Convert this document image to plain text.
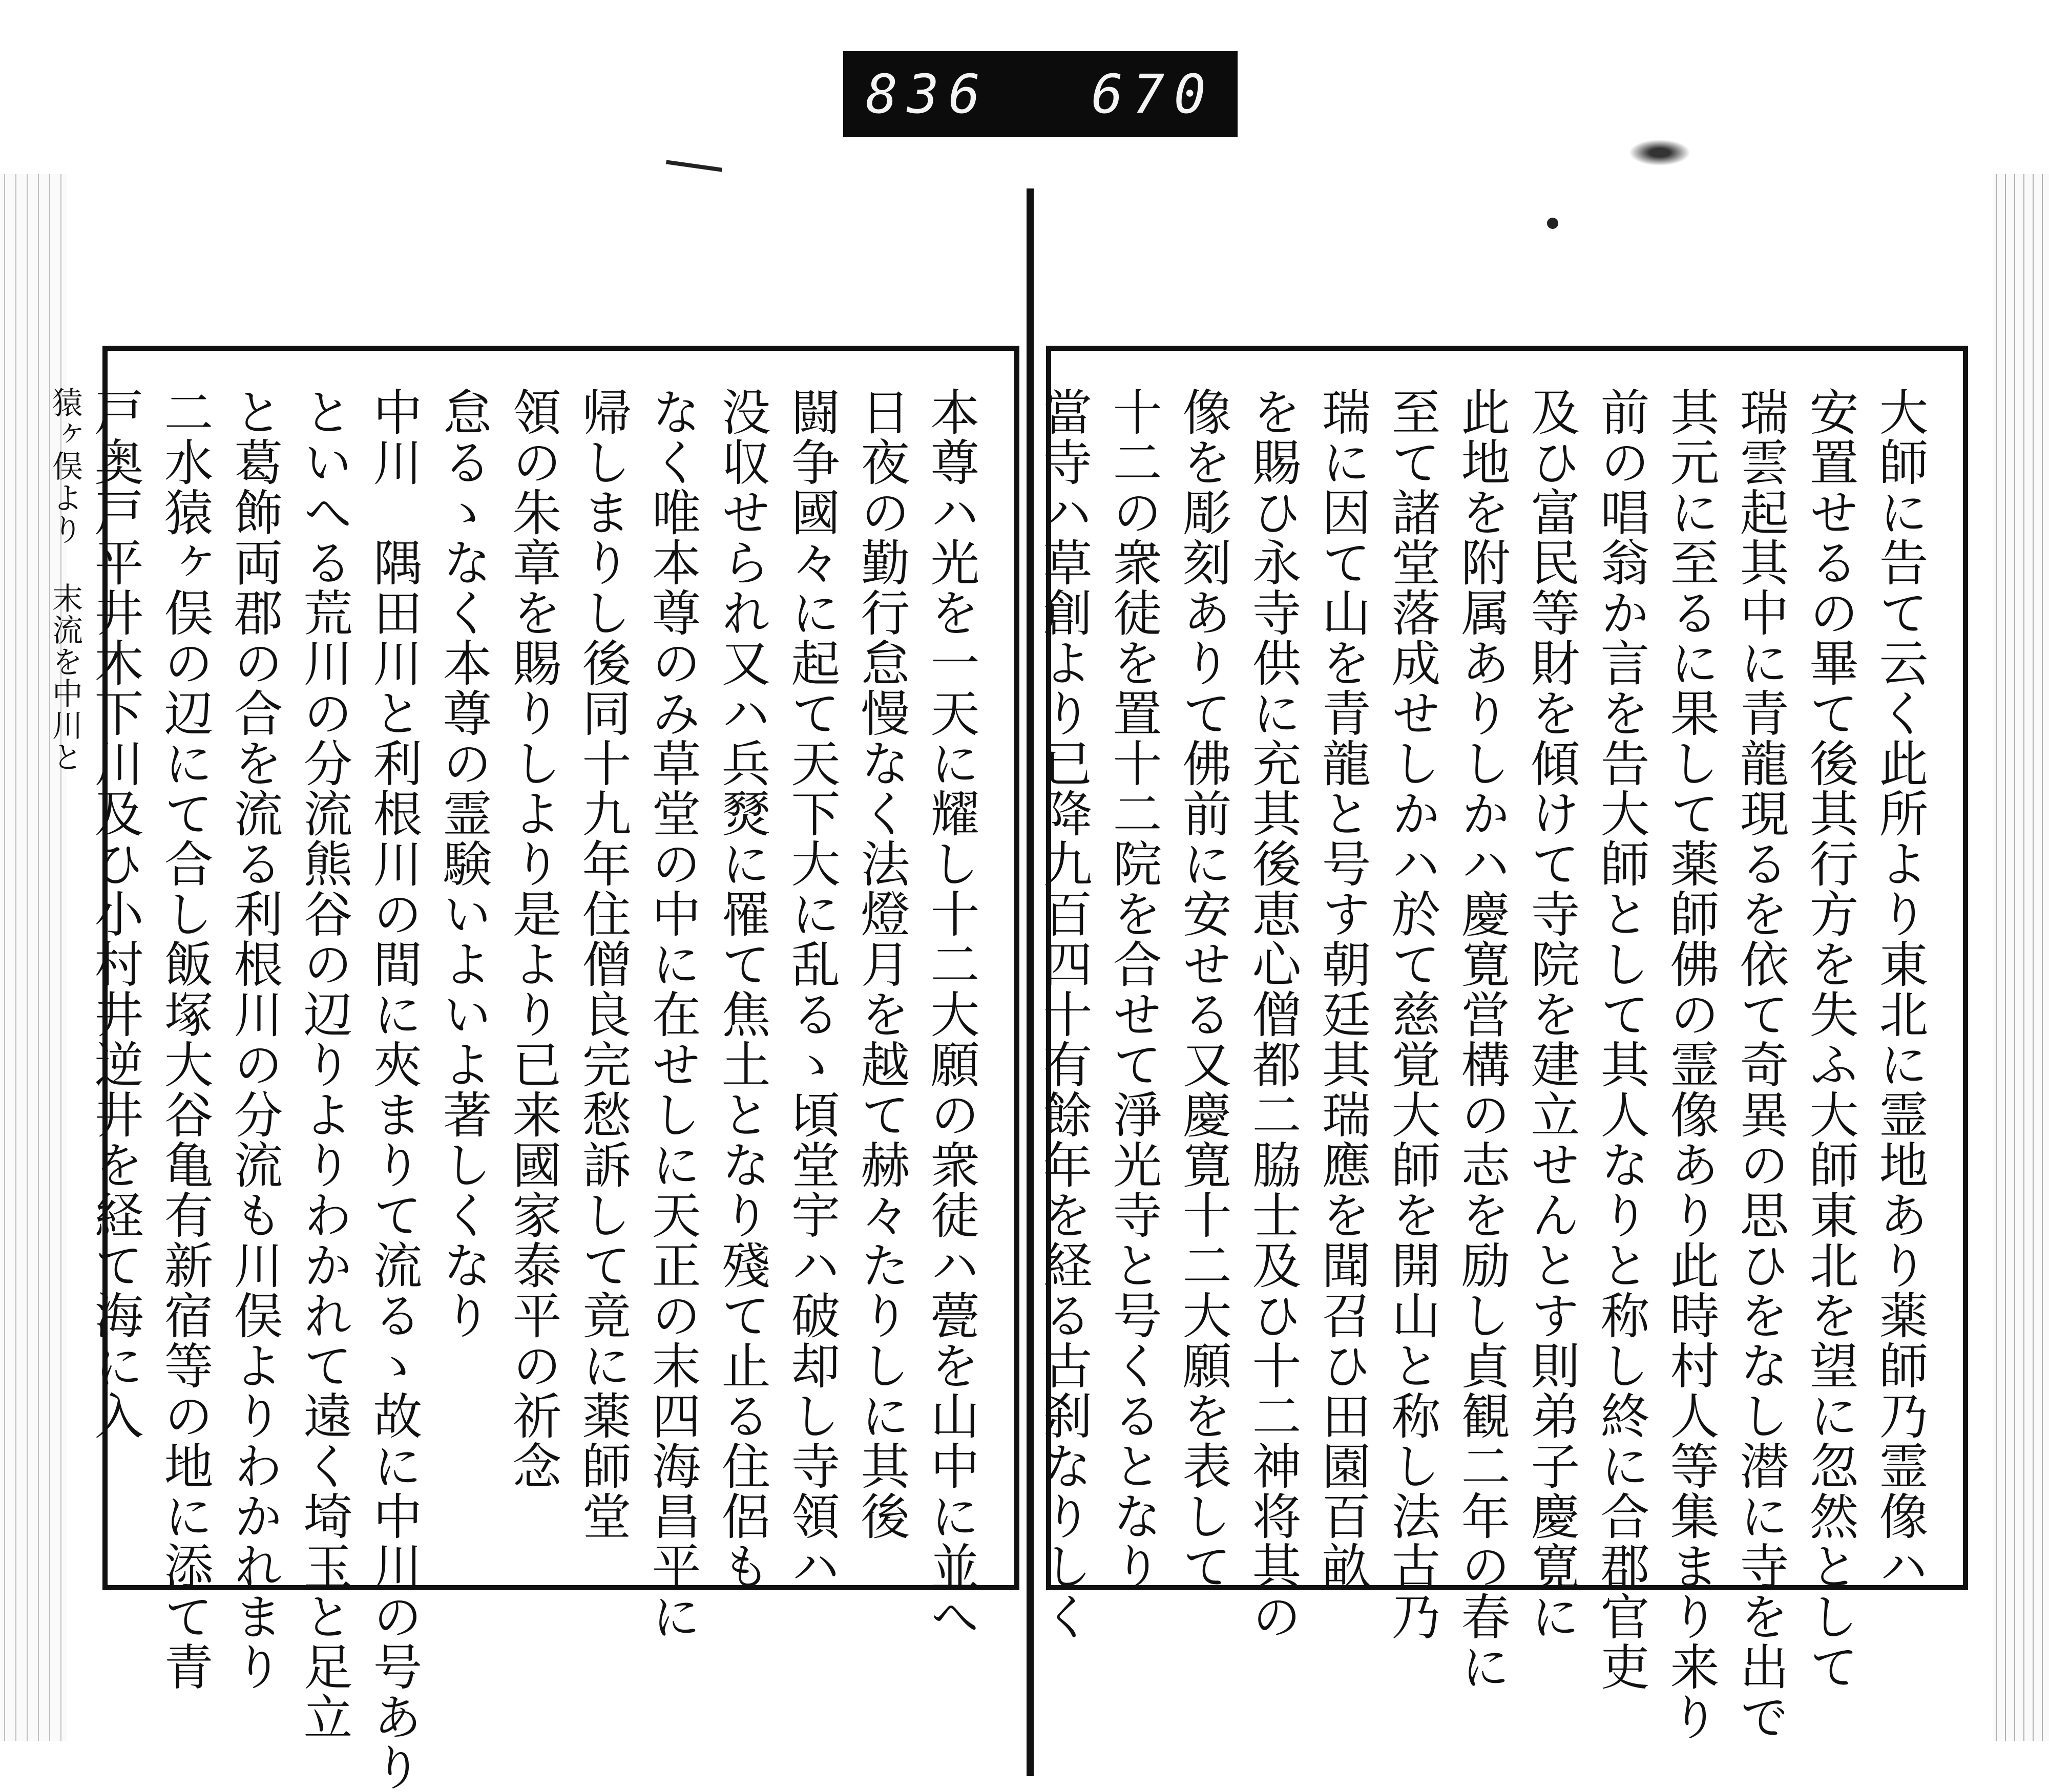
836 670
大師に告て云く此所より東北に霊地あり薬師乃霊像ハ
安置せるの畢て後其行方を失ふ大師東北を望に忽然として
瑞雲起其中に青龍現るを依て奇異の思ひをなし潜に寺を出で
其元に至るに果して薬師佛の霊像あり此時村人等集まり来り
前の唱翁か言を告大師として其人なりと称し終に合郡官吏
及ひ富民等財を傾けて寺院を建立せんとす則弟子慶寛に
此地を附属ありしかハ慶寛営構の志を励し貞観二年の春に
至て諸堂落成せしかハ於て慈覚大師を開山と称し法古乃
瑞に因て山を青龍と号す朝廷其瑞應を聞召ひ田園百畝
を賜ひ永寺供に充其後恵心僧都二脇士及ひ十二神将其の
像を彫刻ありて佛前に安せる又慶寛十二大願を表して
十二の衆徒を置十二院を合せて淨光寺と号くるとなり
當寺ハ草創より已降九百四十有餘年を経る古刹なりしく
本尊ハ光を一天に耀し十二大願の衆徒ハ甍を山中に並へ
日夜の勤行怠慢なく法燈月を越て赫々たりしに其後
闘争國々に起て天下大に乱るゝ頃堂宇ハ破却し寺領ハ
没収せられ又ハ兵燹に罹て焦土となり殘て止る住侶も
なく唯本尊のみ草堂の中に在せしに天正の末四海昌平に
帰しまりし後同十九年住僧良完愁訴して竟に薬師堂
領の朱章を賜りしより是より已来國家泰平の祈念
怠るゝなく本尊の霊験いよいよ著しくなり
中川　隅田川と利根川の間に夾まりて流るゝ故に中川の号あり
といへる荒川の分流熊谷の辺りよりわかれて遠く埼玉と足立
と葛飾両郡の合を流る利根川の分流も川俣よりわかれまり
二水猿ヶ俣の辺にて合し飯塚大谷亀有新宿等の地に添て青
戸奥戸平井木下川及ひ小村井逆井を経て海に入
猿ヶ俣より 末流を中川と
